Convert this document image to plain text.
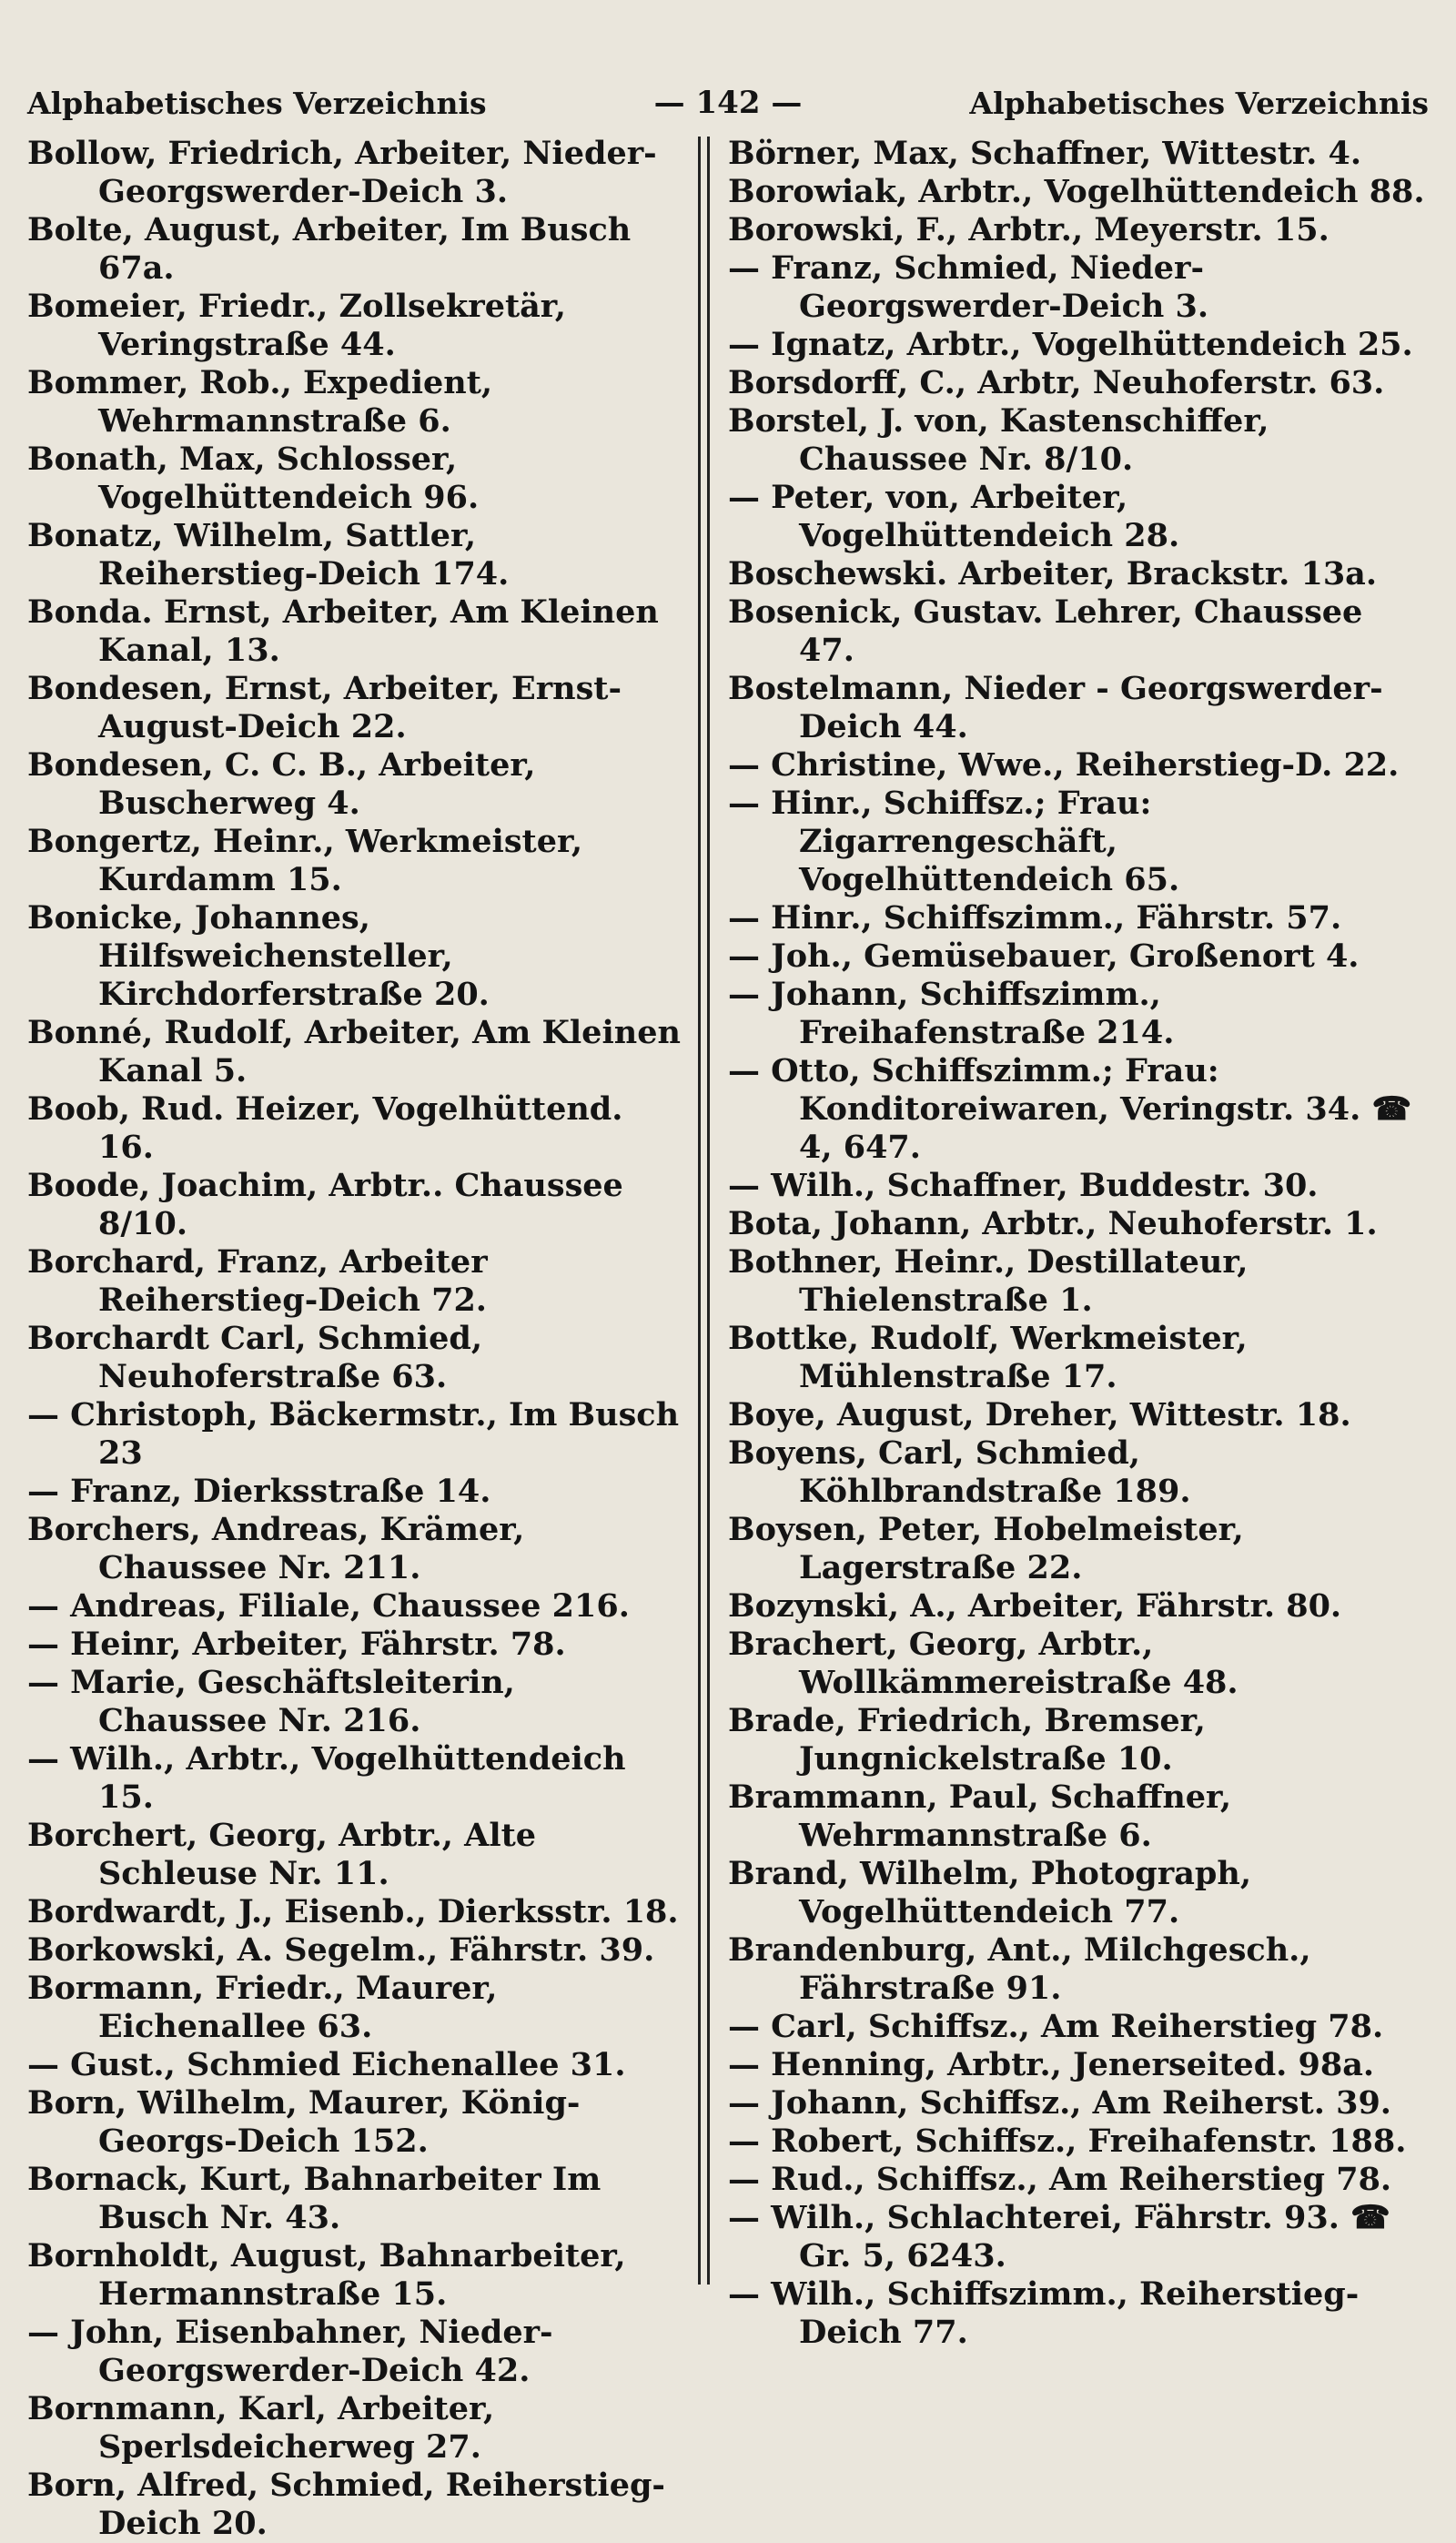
Alphabetisches Verzeichnis	— 142 —	Alphabetisches Verzeichnis

Bollow, Friedrich, Arbeiter, Nieder-Georgswerder-Deich 3.

Bolte, August, Arbeiter, Im Busch 67a.

Bomeier, Friedr., Zollsekretär, Veringstraße 44.

Bommer, Rob., Expedient, Wehrmannstraße 6.

Bonath, Max, Schlosser, Vogelhüttendeich 96.

Bonatz, Wilhelm, Sattler, Reiherstieg-Deich 174.

Bonda. Ernst, Arbeiter, Am Kleinen Kanal, 13.

Bondesen, Ernst, Arbeiter, Ernst-August-Deich 22.

Bondesen, C. C. B., Arbeiter, Buscherweg 4.

Bongertz, Heinr., Werkmeister, Kurdamm 15.

Bonicke, Johannes, Hilfsweichensteller, Kirchdorferstraße 20.

Bonné, Rudolf, Arbeiter, Am Kleinen Kanal 5.

Boob, Rud. Heizer, Vogelhüttend. 16.

Boode, Joachim, Arbtr.. Chaussee 8/10.

Borchard, Franz, Arbeiter Reiherstieg-Deich 72.

Borchardt Carl, Schmied, Neuhoferstraße 63.

— Christoph, Bäckermstr., Im Busch 23

— Franz, Dierksstraße 14.

Borchers, Andreas, Krämer, Chaussee Nr. 211.

— Andreas, Filiale, Chaussee 216.

— Heinr, Arbeiter, Fährstr. 78.

— Marie, Geschäftsleiterin, Chaussee Nr. 216.

— Wilh., Arbtr., Vogelhüttendeich 15.

Borchert, Georg, Arbtr., Alte Schleuse Nr. 11.

Bordwardt, J., Eisenb., Dierksstr. 18.

Borkowski, A. Segelm., Fährstr. 39.

Bormann, Friedr., Maurer, Eichenallee 63.

— Gust., Schmied Eichenallee 31.

Born, Wilhelm, Maurer, König-Georgs-Deich 152.

Bornack, Kurt, Bahnarbeiter Im Busch Nr. 43.

Bornholdt, August, Bahnarbeiter, Hermannstraße 15.

— John, Eisenbahner, Nieder-Georgswerder-Deich 42.

Bornmann, Karl, Arbeiter, Sperlsdeicherweg 27.

Born, Alfred, Schmied, Reiherstieg-Deich 20.

Börner, Max, Schaffner, Wittestr. 4.

Borowiak, Arbtr., Vogelhüttendeich 88.

Borowski, F., Arbtr., Meyerstr. 15.

— Franz, Schmied, Nieder-Georgswerder-Deich 3.

— Ignatz, Arbtr., Vogelhüttendeich 25.

Borsdorff, C., Arbtr, Neuhoferstr. 63.

Borstel, J. von, Kastenschiffer, Chaussee Nr. 8/10.

— Peter, von, Arbeiter, Vogelhüttendeich 28.

Boschewski. Arbeiter, Brackstr. 13a.

Bosenick, Gustav. Lehrer, Chaussee 47.

Bostelmann, Nieder - Georgswerder-Deich 44.

— Christine, Wwe., Reiherstieg-D. 22.

— Hinr., Schiffsz.; Frau: Zigarrengeschäft, Vogelhüttendeich 65.

— Hinr., Schiffszimm., Fährstr. 57.

— Joh., Gemüsebauer, Großenort 4.

— Johann, Schiffszimm., Freihafenstraße 214.

— Otto, Schiffszimm.; Frau: Konditoreiwaren, Veringstr. 34. ☎ 4, 647.

— Wilh., Schaffner, Buddestr. 30.

Bota, Johann, Arbtr., Neuhoferstr. 1.

Bothner, Heinr., Destillateur, Thielenstraße 1.

Bottke, Rudolf, Werkmeister, Mühlenstraße 17.

Boye, August, Dreher, Wittestr. 18.

Boyens, Carl, Schmied, Köhlbrandstraße 189.

Boysen, Peter, Hobelmeister, Lagerstraße 22.

Bozynski, A., Arbeiter, Fährstr. 80.

Brachert, Georg, Arbtr., Wollkämmereistraße 48.

Brade, Friedrich, Bremser, Jungnickelstraße 10.

Brammann, Paul, Schaffner, Wehrmannstraße 6.

Brand, Wilhelm, Photograph, Vogelhüttendeich 77.

Brandenburg, Ant., Milchgesch., Fährstraße 91.

— Carl, Schiffsz., Am Reiherstieg 78.

— Henning, Arbtr., Jenerseited. 98a.

— Johann, Schiffsz., Am Reiherst. 39.

— Robert, Schiffsz., Freihafenstr. 188.

— Rud., Schiffsz., Am Reiherstieg 78.

— Wilh., Schlachterei, Fährstr. 93. ☎ Gr. 5, 6243.

— Wilh., Schiffszimm., Reiherstieg-Deich 77.
